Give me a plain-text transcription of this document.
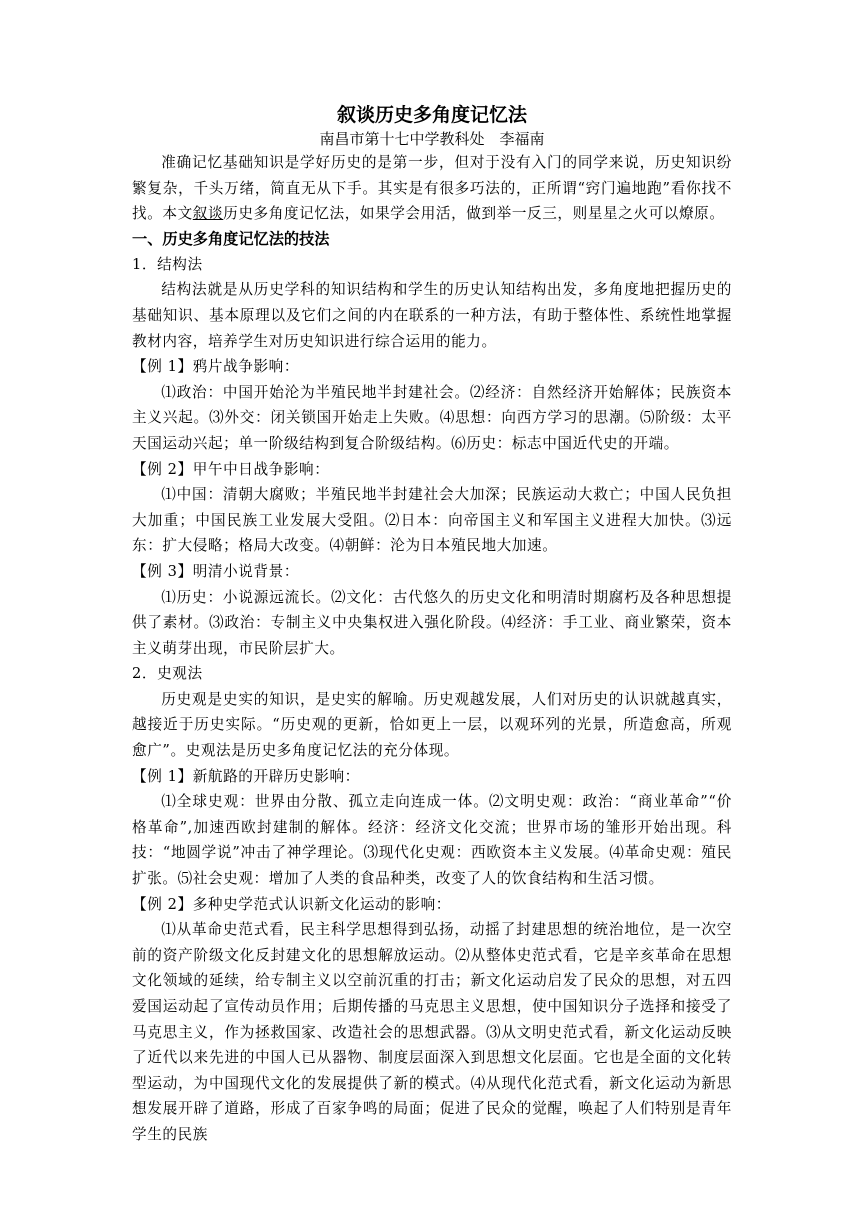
叙谈历史多角度记忆法

南昌市第十七中学教科处　李福南

准确记忆基础知识是学好历史的是第一步，但对于没有入门的同学来说，历史知识纷繁复杂，千头万绪，简直无从下手。其实是有很多巧法的，正所谓“窍门遍地跑”看你找不找。本文叙谈历史多角度记忆法，如果学会用活，做到举一反三，则星星之火可以燎原。

一、历史多角度记忆法的技法

1．结构法

结构法就是从历史学科的知识结构和学生的历史认知结构出发，多角度地把握历史的基础知识、基本原理以及它们之间的内在联系的一种方法，有助于整体性、系统性地掌握教材内容，培养学生对历史知识进行综合运用的能力。

【例 1】鸦片战争影响：

⑴政治：中国开始沦为半殖民地半封建社会。⑵经济：自然经济开始解体；民族资本主义兴起。⑶外交：闭关锁国开始走上失败。⑷思想：向西方学习的思潮。⑸阶级：太平天国运动兴起；单一阶级结构到复合阶级结构。⑹历史：标志中国近代史的开端。

【例 2】甲午中日战争影响：

⑴中国：清朝大腐败；半殖民地半封建社会大加深；民族运动大救亡；中国人民负担大加重；中国民族工业发展大受阻。⑵日本：向帝国主义和军国主义进程大加快。⑶远东：扩大侵略；格局大改变。⑷朝鲜：沦为日本殖民地大加速。

【例 3】明清小说背景：

⑴历史：小说源远流长。⑵文化：古代悠久的历史文化和明清时期腐朽及各种思想提供了素材。⑶政治：专制主义中央集权进入强化阶段。⑷经济：手工业、商业繁荣，资本主义萌芽出现，市民阶层扩大。

2．史观法

历史观是史实的知识，是史实的解喻。历史观越发展，人们对历史的认识就越真实，越接近于历史实际。“历史观的更新，恰如更上一层，以观环列的光景，所造愈高，所观愈广”。史观法是历史多角度记忆法的充分体现。

【例 1】新航路的开辟历史影响：

⑴全球史观：世界由分散、孤立走向连成一体。⑵文明史观：政治：“商业革命”“价格革命”,加速西欧封建制的解体。经济：经济文化交流；世界市场的雏形开始出现。科技：“地圆学说”冲击了神学理论。⑶现代化史观：西欧资本主义发展。⑷革命史观：殖民扩张。⑸社会史观：增加了人类的食品种类，改变了人的饮食结构和生活习惯。

【例 2】多种史学范式认识新文化运动的影响：

⑴从革命史范式看，民主科学思想得到弘扬，动摇了封建思想的统治地位，是一次空前的资产阶级文化反封建文化的思想解放运动。⑵从整体史范式看，它是辛亥革命在思想文化领域的延续，给专制主义以空前沉重的打击；新文化运动启发了民众的思想，对五四爱国运动起了宣传动员作用；后期传播的马克思主义思想，使中国知识分子选择和接受了马克思主义，作为拯救国家、改造社会的思想武器。⑶从文明史范式看，新文化运动反映了近代以来先进的中国人已从器物、制度层面深入到思想文化层面。它也是全面的文化转型运动，为中国现代文化的发展提供了新的模式。⑷从现代化范式看，新文化运动为新思想发展开辟了道路，形成了百家争鸣的局面；促进了民众的觉醒，唤起了人们特别是青年学生的民族
